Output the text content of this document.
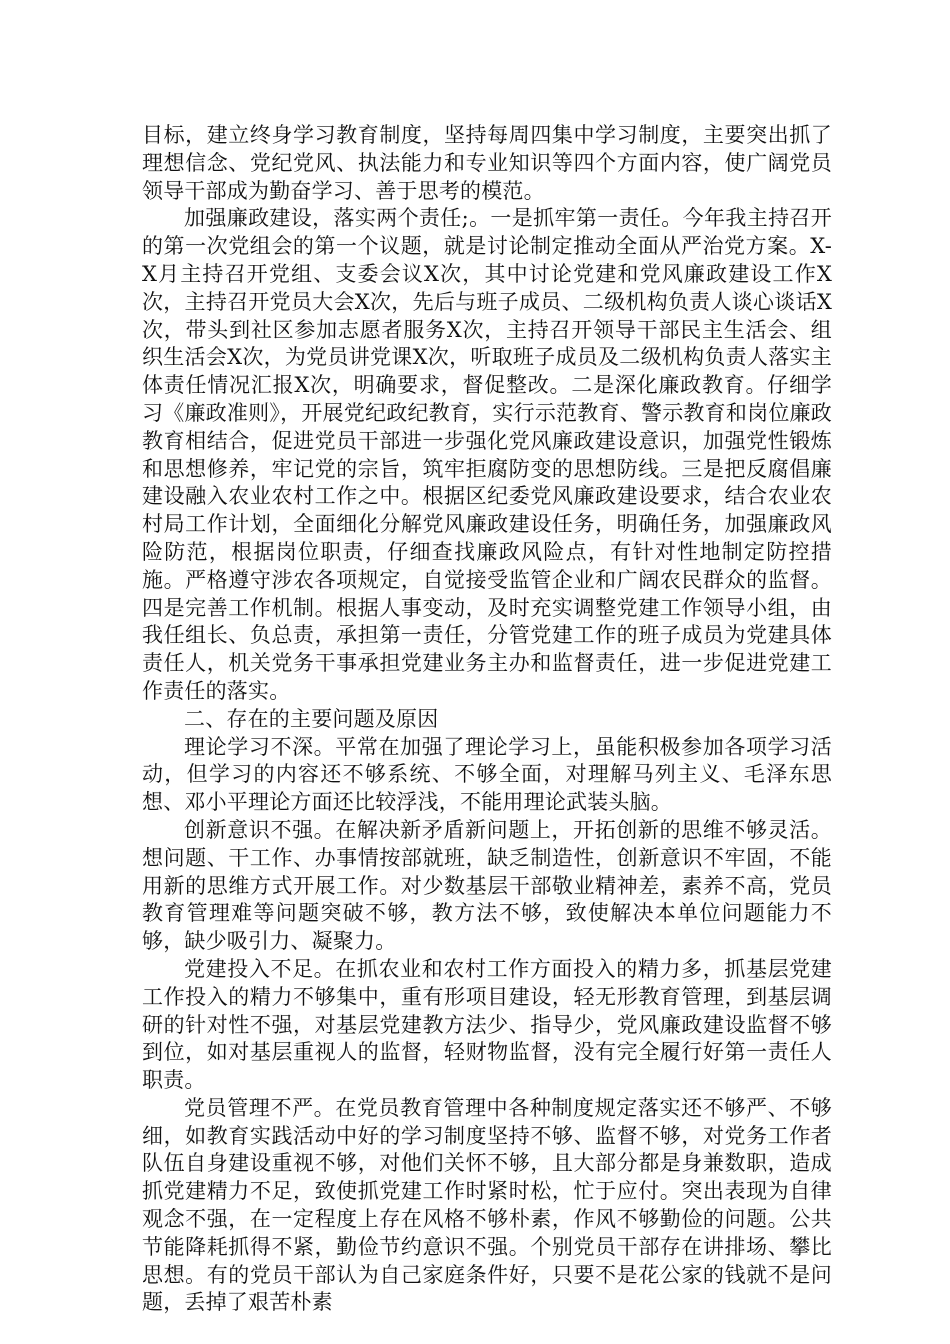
目标，建立终身学习教育制度，坚持每周四集中学习制度，主要突出抓了理想信念、党纪党风、执法能力和专业知识等四个方面内容，使广阔党员领导干部成为勤奋学习、善于思考的模范。

加强廉政建设，落实两个责任;。一是抓牢第一责任。今年我主持召开的第一次党组会的第一个议题，就是讨论制定推动全面从严治党方案。X-X月主持召开党组、支委会议X次，其中讨论党建和党风廉政建设工作X次，主持召开党员大会X次，先后与班子成员、二级机构负责人谈心谈话X次，带头到社区参加志愿者服务X次，主持召开领导干部民主生活会、组织生活会X次，为党员讲党课X次，听取班子成员及二级机构负责人落实主体责任情况汇报X次，明确要求，督促整改。二是深化廉政教育。仔细学习《廉政准则》，开展党纪政纪教育，实行示范教育、警示教育和岗位廉政教育相结合，促进党员干部进一步强化党风廉政建设意识，加强党性锻炼和思想修养，牢记党的宗旨，筑牢拒腐防变的思想防线。三是把反腐倡廉建设融入农业农村工作之中。根据区纪委党风廉政建设要求，结合农业农村局工作计划，全面细化分解党风廉政建设任务，明确任务，加强廉政风险防范，根据岗位职责，仔细查找廉政风险点，有针对性地制定防控措施。严格遵守涉农各项规定，自觉接受监管企业和广阔农民群众的监督。四是完善工作机制。根据人事变动，及时充实调整党建工作领导小组，由我任组长、负总责，承担第一责任，分管党建工作的班子成员为党建具体责任人，机关党务干事承担党建业务主办和监督责任，进一步促进党建工作责任的落实。

二、存在的主要问题及原因

理论学习不深。平常在加强了理论学习上，虽能积极参加各项学习活动，但学习的内容还不够系统、不够全面，对理解马列主义、毛泽东思想、邓小平理论方面还比较浮浅，不能用理论武装头脑。

创新意识不强。在解决新矛盾新问题上，开拓创新的思维不够灵活。想问题、干工作、办事情按部就班，缺乏制造性，创新意识不牢固，不能用新的思维方式开展工作。对少数基层干部敬业精神差，素养不高，党员教育管理难等问题突破不够，教方法不够，致使解决本单位问题能力不够，缺少吸引力、凝聚力。

党建投入不足。在抓农业和农村工作方面投入的精力多，抓基层党建工作投入的精力不够集中，重有形项目建设，轻无形教育管理，到基层调研的针对性不强，对基层党建教方法少、指导少，党风廉政建设监督不够到位，如对基层重视人的监督，轻财物监督，没有完全履行好第一责任人职责。

党员管理不严。在党员教育管理中各种制度规定落实还不够严、不够细，如教育实践活动中好的学习制度坚持不够、监督不够，对党务工作者队伍自身建设重视不够，对他们关怀不够，且大部分都是身兼数职，造成抓党建精力不足，致使抓党建工作时紧时松，忙于应付。突出表现为自律观念不强，在一定程度上存在风格不够朴素，作风不够勤俭的问题。公共节能降耗抓得不紧，勤俭节约意识不强。个别党员干部存在讲排场、攀比思想。有的党员干部认为自己家庭条件好，只要不是花公家的钱就不是问题，丢掉了艰苦朴素
